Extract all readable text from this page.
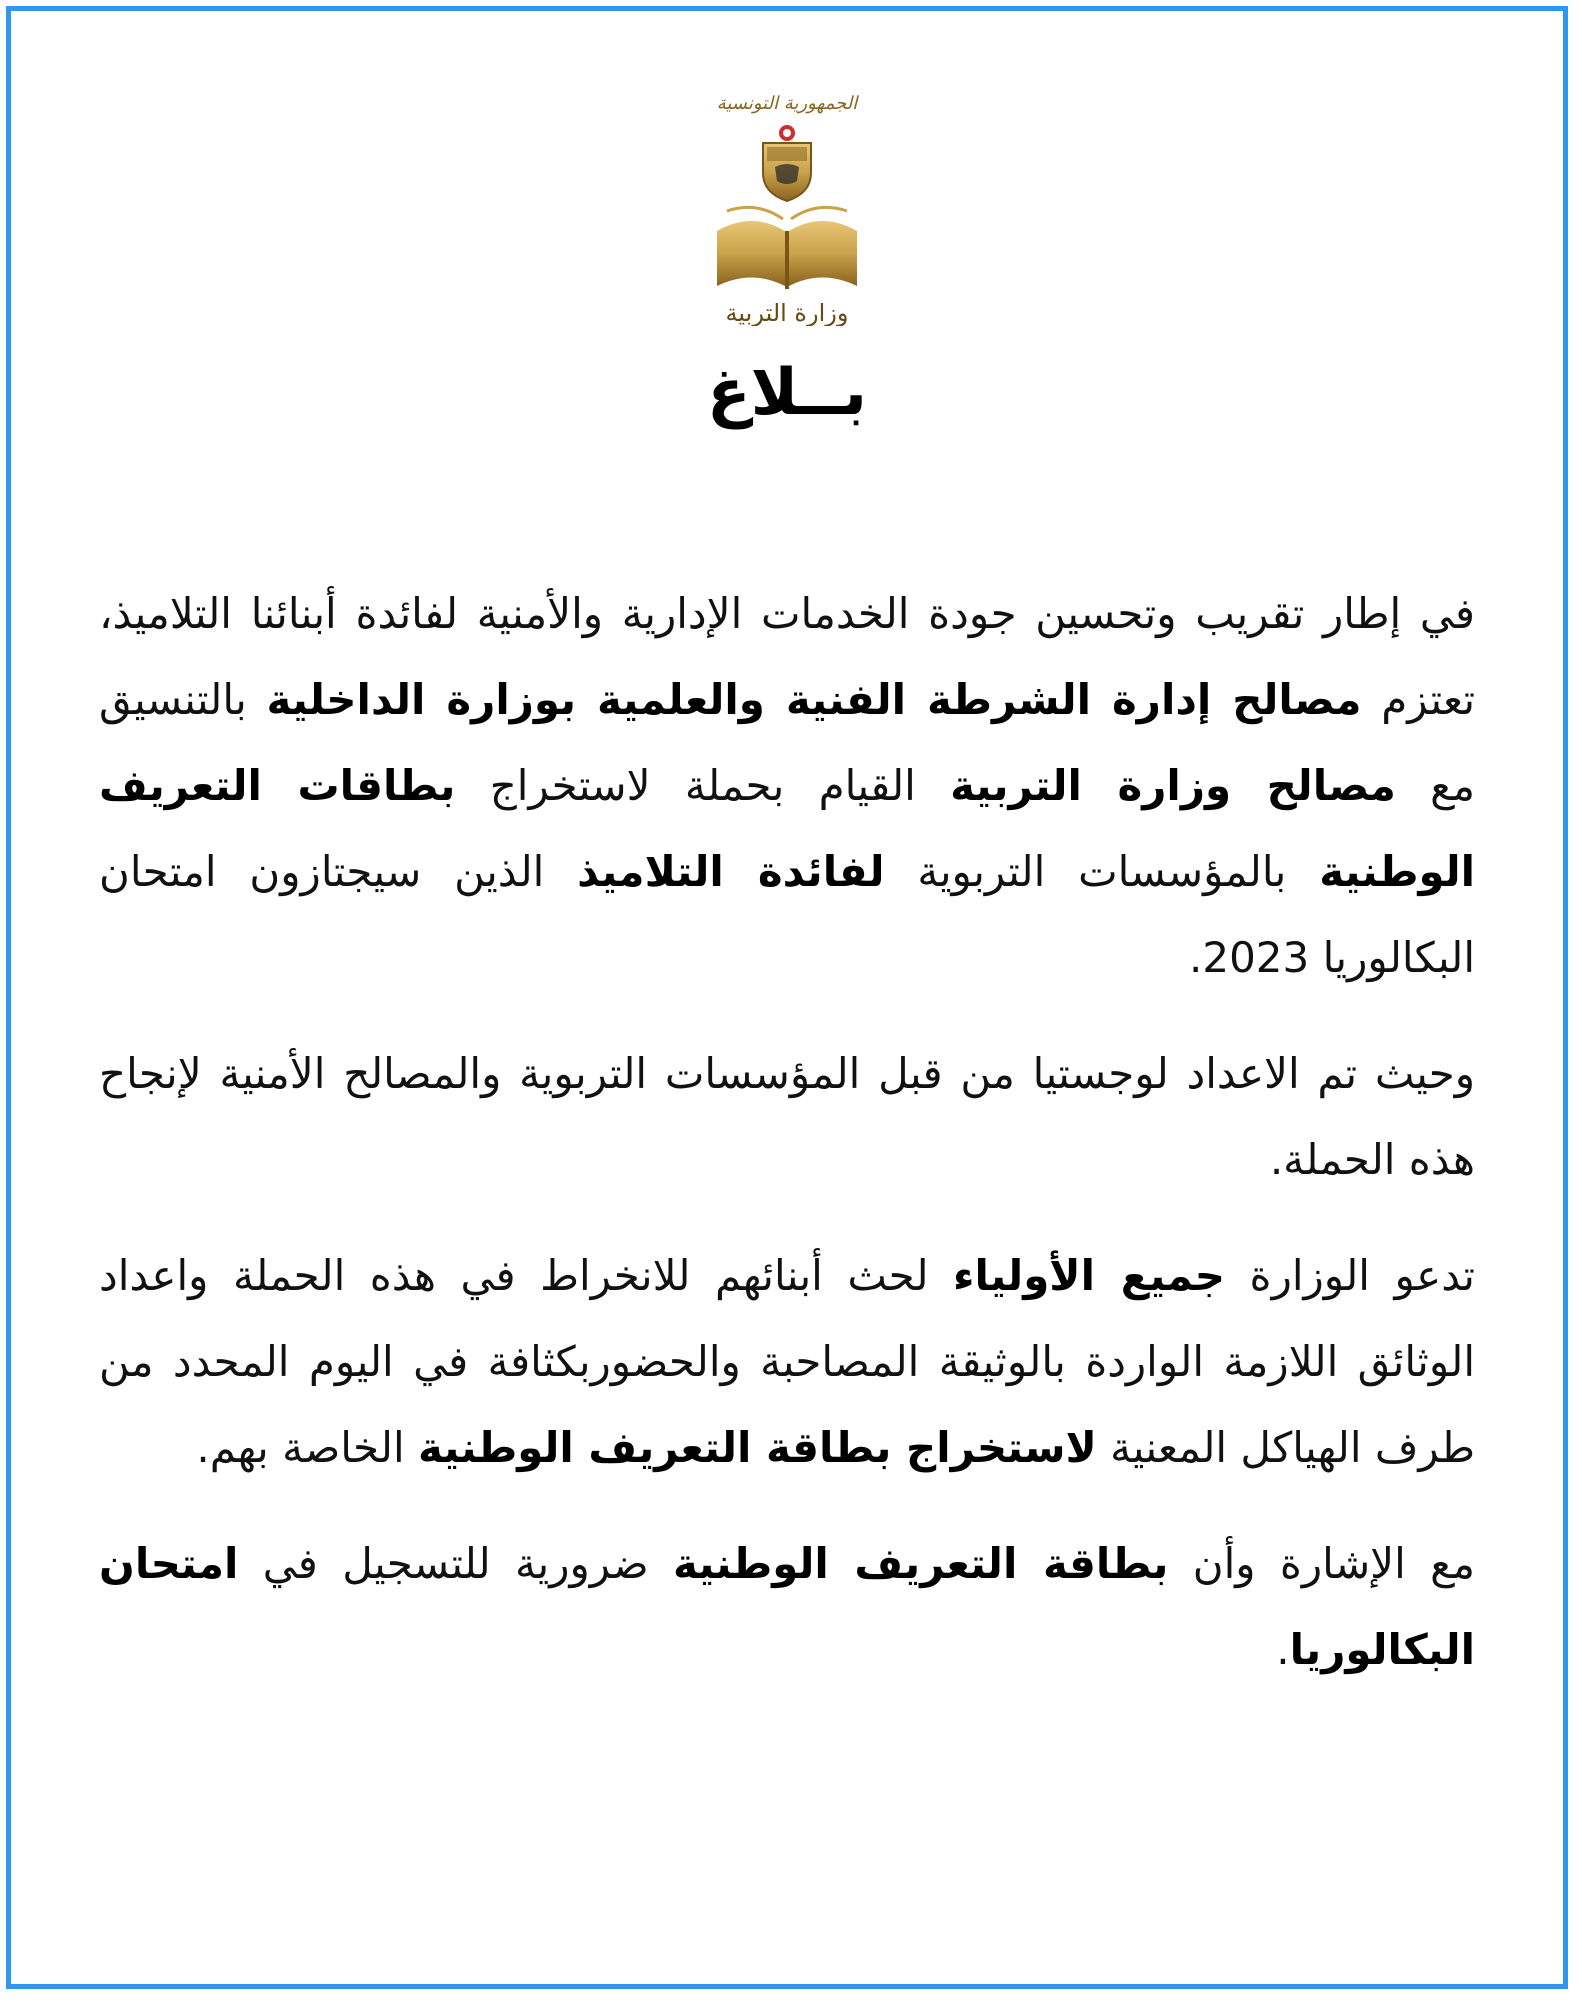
الجمهورية التونسية
وزارة التربية
بــلاغ

في إطار تقريب وتحسين جودة الخدمات الإدارية والأمنية لفائدة أبنائنا التلاميذ، تعتزم مصالح إدارة الشرطة الفنية والعلمية بوزارة الداخلية بالتنسيق مع مصالح وزارة التربية القيام بحملة لاستخراج بطاقات التعريف الوطنية بالمؤسسات التربوية لفائدة التلاميذ الذين سيجتازون امتحان البكالوريا 2023.

وحيث تم الاعداد لوجستيا من قبل المؤسسات التربوية والمصالح الأمنية لإنجاح هذه الحملة.

تدعو الوزارة جميع الأولياء لحث أبنائهم للانخراط في هذه الحملة واعداد الوثائق اللازمة الواردة بالوثيقة المصاحبة والحضوربكثافة في اليوم المحدد من طرف الهياكل المعنية لاستخراج بطاقة التعريف الوطنية الخاصة بهم.

مع الإشارة وأن بطاقة التعريف الوطنية ضرورية للتسجيل في امتحان البكالوريا.
